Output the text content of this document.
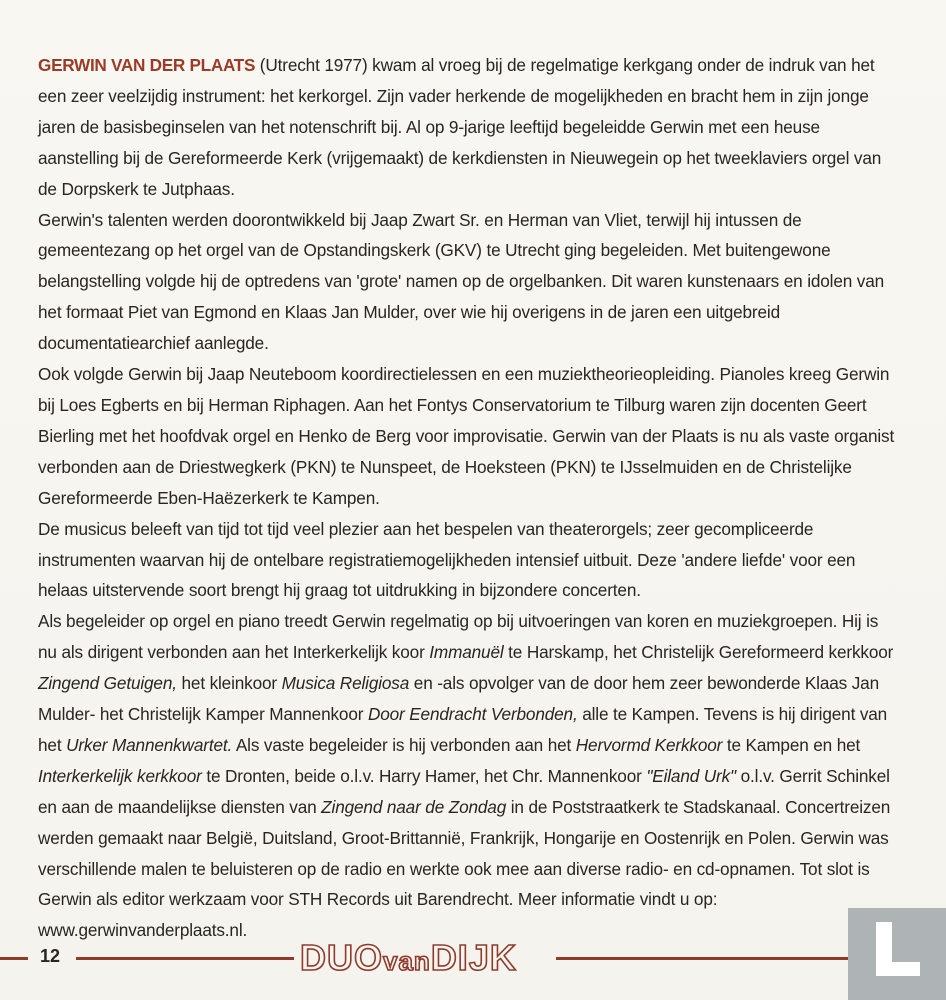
GERWIN VAN DER PLAATS (Utrecht 1977) kwam al vroeg bij de regelmatige kerkgang onder de indruk van het een zeer veelzijdig instrument: het kerkorgel. Zijn vader herkende de mogelijkheden en bracht hem in zijn jonge jaren de basisbeginselen van het notenschrift bij. Al op 9-jarige leeftijd begeleidde Gerwin met een heuse aanstelling bij de Gereformeerde Kerk (vrijgemaakt) de kerkdiensten in Nieuwegein op het tweeklaviers orgel van de Dorpskerk te Jutphaas.

Gerwin's talenten werden doorontwikkeld bij Jaap Zwart Sr. en Herman van Vliet, terwijl hij intussen de gemeentezang op het orgel van de Opstandingskerk (GKV) te Utrecht ging begeleiden. Met buitengewone belangstelling volgde hij de optredens van 'grote' namen op de orgelbanken. Dit waren kunstenaars en idolen van het formaat Piet van Egmond en Klaas Jan Mulder, over wie hij overigens in de jaren een uitgebreid documentatiearchief aanlegde.

Ook volgde Gerwin bij Jaap Neuteboom koordirectielessen en een muziektheorieopleiding. Pianoles kreeg Gerwin bij Loes Egberts en bij Herman Riphagen. Aan het Fontys Conservatorium te Tilburg waren zijn docenten Geert Bierling met het hoofdvak orgel en Henko de Berg voor improvisatie. Gerwin van der Plaats is nu als vaste organist verbonden aan de Driestwegkerk (PKN) te Nunspeet, de Hoeksteen (PKN) te IJsselmuiden en de Christelijke Gereformeerde Eben-Haëzerkerk te Kampen.

De musicus beleeft van tijd tot tijd veel plezier aan het bespelen van theaterorgels; zeer gecompliceerde instrumenten waarvan hij de ontelbare registratiemogelijkheden intensief uitbuit. Deze 'andere liefde' voor een helaas uitstervende soort brengt hij graag tot uitdrukking in bijzondere concerten.

Als begeleider op orgel en piano treedt Gerwin regelmatig op bij uitvoeringen van koren en muziekgroepen. Hij is nu als dirigent verbonden aan het Interkerkelijk koor Immanuël te Harskamp, het Christelijk Gereformeerd kerkkoor Zingend Getuigen, het kleinkoor Musica Religiosa en -als opvolger van de door hem zeer bewonderde Klaas Jan Mulder- het Christelijk Kamper Mannenkoor Door Eendracht Verbonden, alle te Kampen. Tevens is hij dirigent van het Urker Mannenkwartet. Als vaste begeleider is hij verbonden aan het Hervormd Kerkkoor te Kampen en het Interkerkelijk kerkkoor te Dronten, beide o.l.v. Harry Hamer, het Chr. Mannenkoor "Eiland Urk" o.l.v. Gerrit Schinkel en aan de maandelijkse diensten van Zingend naar de Zondag in de Poststraatkerk te Stadskanaal. Concertreizen werden gemaakt naar België, Duitsland, Groot-Brittannië, Frankrijk, Hongarije en Oostenrijk en Polen. Gerwin was verschillende malen te beluisteren op de radio en werkte ook mee aan diverse radio- en cd-opnamen. Tot slot is Gerwin als editor werkzaam voor STH Records uit Barendrecht. Meer informatie vindt u op: www.gerwinvanderplaats.nl.

12	DUOvanDIJK
